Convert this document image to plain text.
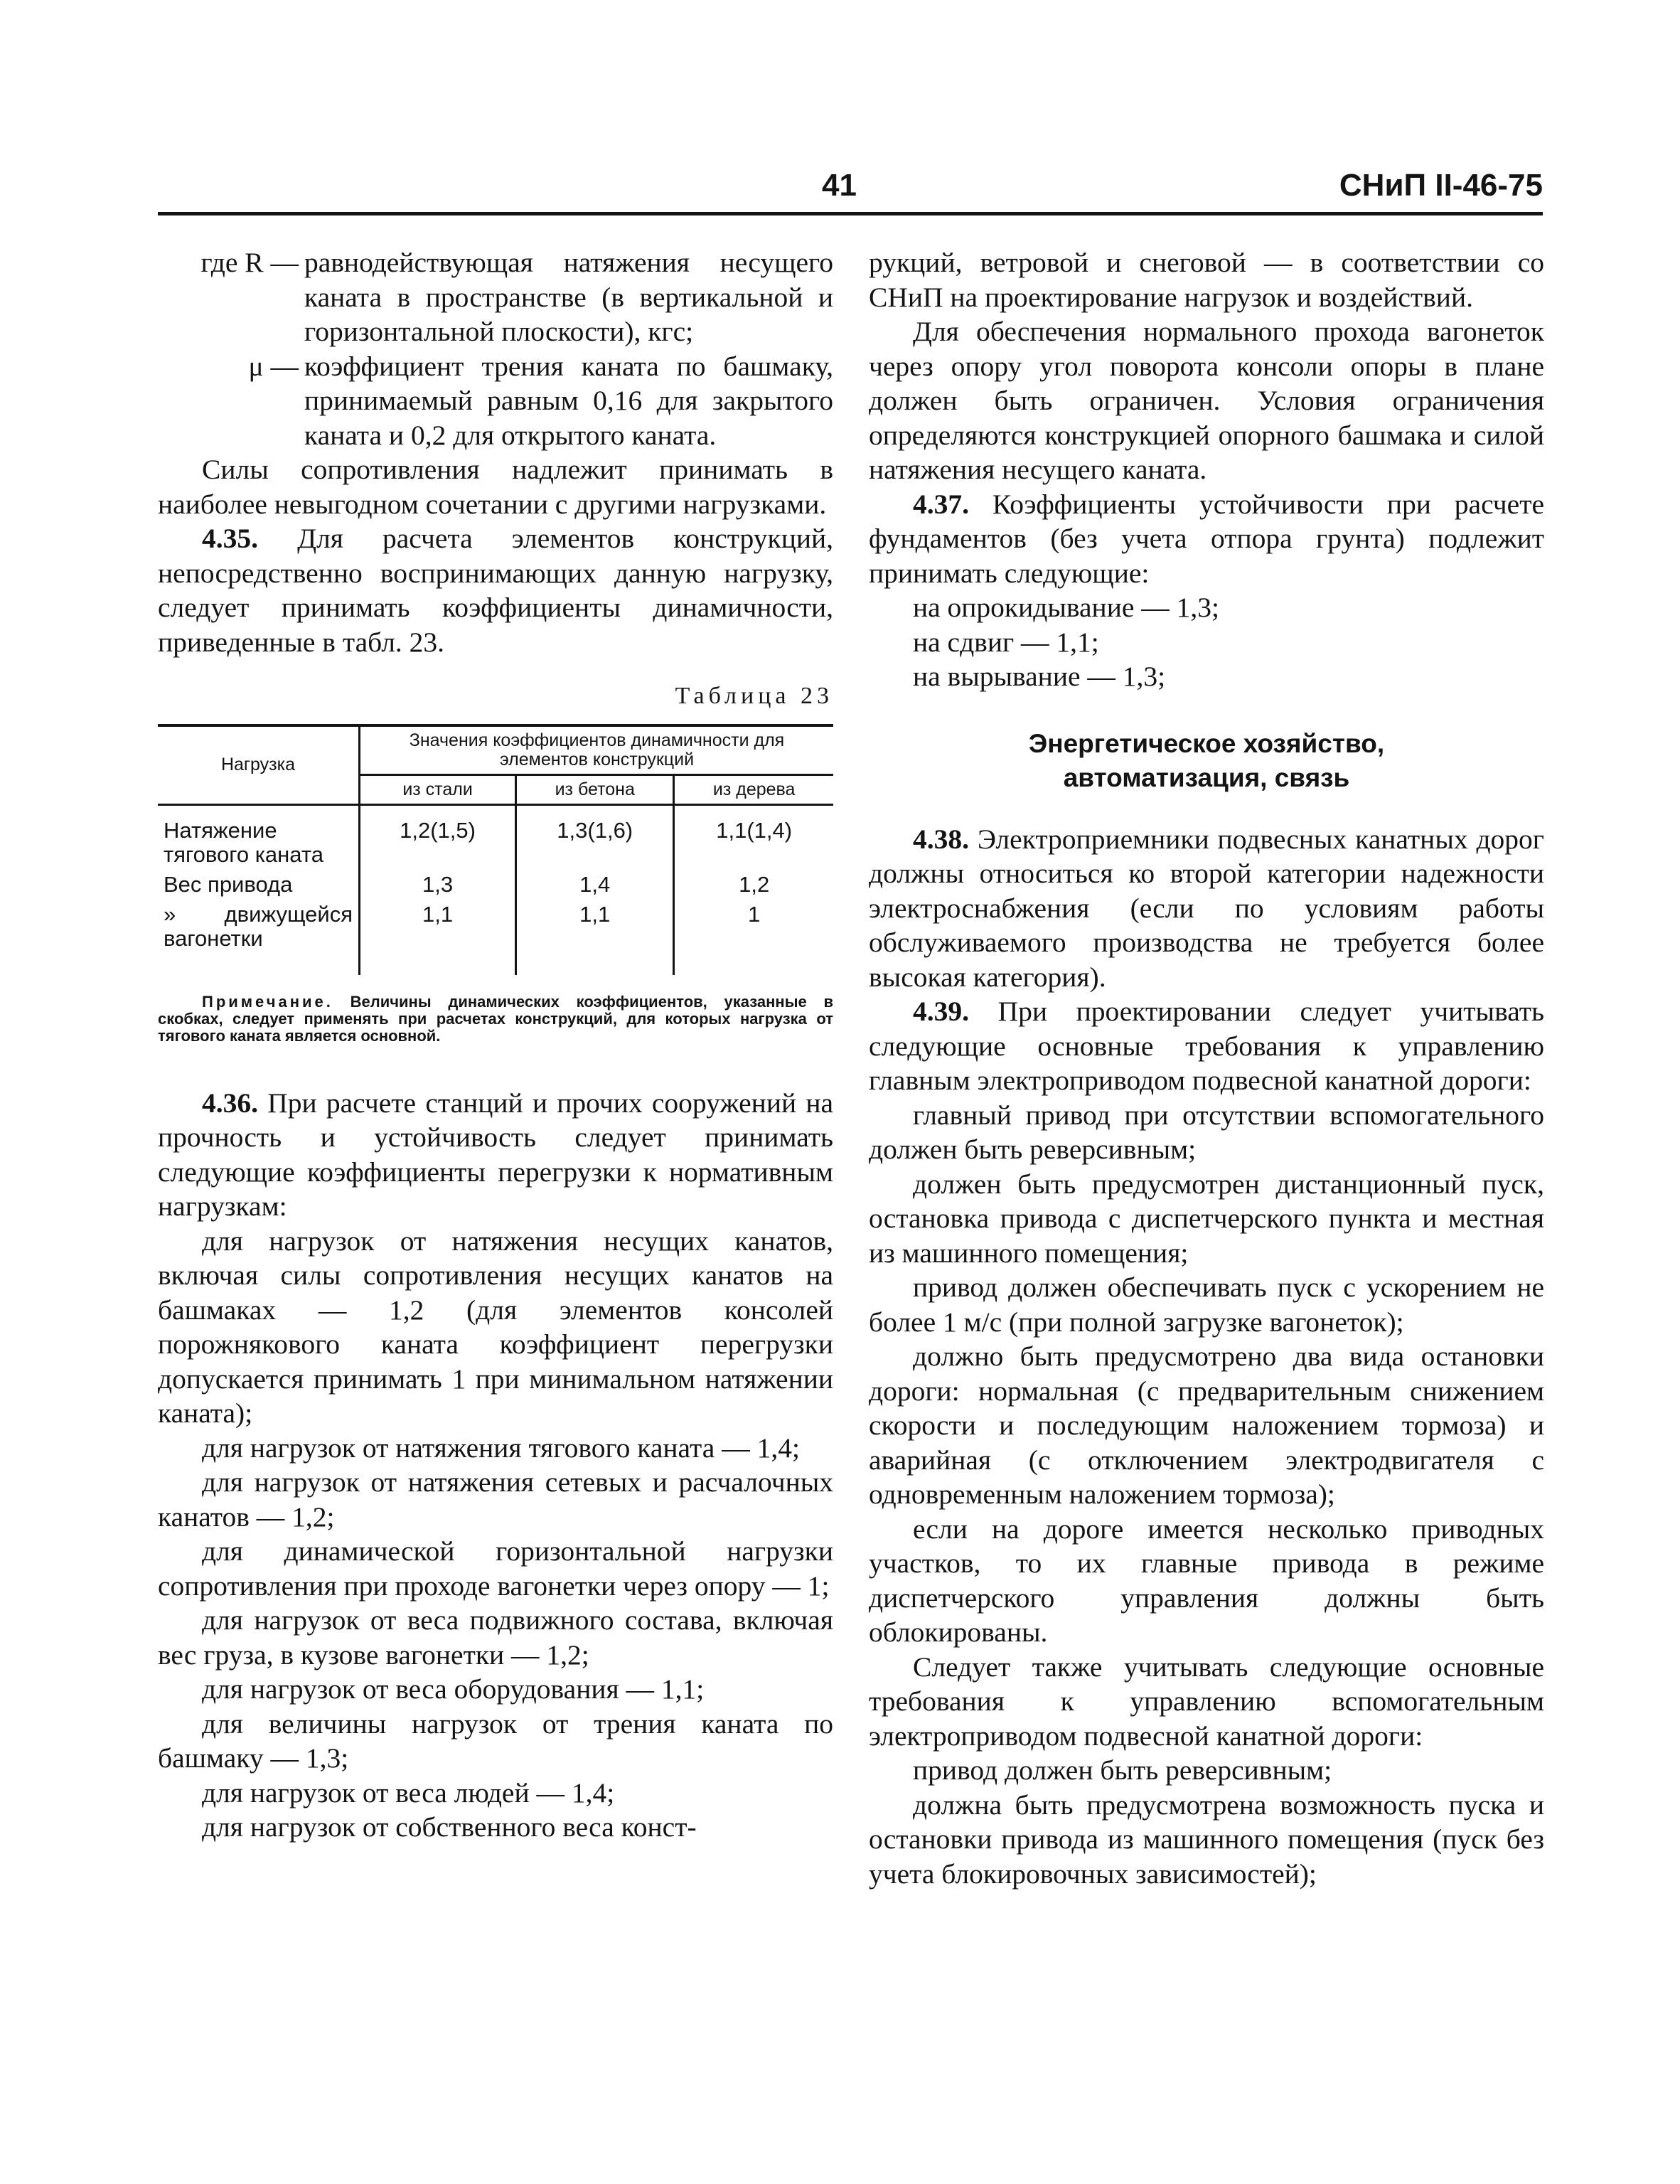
41	СНиП II-46-75
где R — равнодействующая натяжения несущего каната в пространстве (в вертикальной и горизонтальной плоскости), кгс;
μ — коэффициент трения каната по башмаку, принимаемый равным 0,16 для закрытого каната и 0,2 для открытого каната.

Силы сопротивления надлежит принимать в наиболее невыгодном сочетании с другими нагрузками.

4.35. Для расчета элементов конструкций, непосредственно воспринимающих данную нагрузку, следует принимать коэффициенты динамичности, приведенные в табл. 23.

Таблица 23
Нагрузка	Значения коэффициентов динамичности для элементов конструкций		
	из стали	из бетона	из дерева
Натяжение тягового каната	1,2(1,5)	1,3(1,6)	1,1(1,4)
Вес привода	1,3	1,4	1,2
» движущейся вагонетки	1,1	1,1	1

Примечание. Величины динамических коэффициентов, указанные в скобках, следует применять при расчетах конструкций, для которых нагрузка от тягового каната является основной.

4.36. При расчете станций и прочих сооружений на прочность и устойчивость следует принимать следующие коэффициенты перегрузки к нормативным нагрузкам:

для нагрузок от натяжения несущих канатов, включая силы сопротивления несущих канатов на башмаках — 1,2 (для элементов консолей порожнякового каната коэффициент перегрузки допускается принимать 1 при минимальном натяжении каната);

для нагрузок от натяжения тягового каната — 1,4;

для нагрузок от натяжения сетевых и расчалочных канатов — 1,2;

для динамической горизонтальной нагрузки сопротивления при проходе вагонетки через опору — 1;

для нагрузок от веса подвижного состава, включая вес груза, в кузове вагонетки — 1,2;

для нагрузок от веса оборудования — 1,1;

для величины нагрузок от трения каната по башмаку — 1,3;

для нагрузок от веса людей — 1,4;

для нагрузок от собственного веса конст-

рукций, ветровой и снеговой — в соответствии со СНиП на проектирование нагрузок и воздействий.

Для обеспечения нормального прохода вагонеток через опору угол поворота консоли опоры в плане должен быть ограничен. Условия ограничения определяются конструкцией опорного башмака и силой натяжения несущего каната.

4.37. Коэффициенты устойчивости при расчете фундаментов (без учета отпора грунта) подлежит принимать следующие:

на опрокидывание — 1,3;

на сдвиг — 1,1;

на вырывание — 1,3;

Энергетическое хозяйство,
автоматизация, связь

4.38. Электроприемники подвесных канатных дорог должны относиться ко второй категории надежности электроснабжения (если по условиям работы обслуживаемого производства не требуется более высокая категория).

4.39. При проектировании следует учитывать следующие основные требования к управлению главным электроприводом подвесной канатной дороги:

главный привод при отсутствии вспомогательного должен быть реверсивным;

должен быть предусмотрен дистанционный пуск, остановка привода с диспетчерского пункта и местная из машинного помещения;

привод должен обеспечивать пуск с ускорением не более 1 м/с (при полной загрузке вагонеток);

должно быть предусмотрено два вида остановки дороги: нормальная (с предварительным снижением скорости и последующим наложением тормоза) и аварийная (с отключением электродвигателя с одновременным наложением тормоза);

если на дороге имеется несколько приводных участков, то их главные привода в режиме диспетчерского управления должны быть облокированы.

Следует также учитывать следующие основные требования к управлению вспомогательным электроприводом подвесной канатной дороги:

привод должен быть реверсивным;

должна быть предусмотрена возможность пуска и остановки привода из машинного помещения (пуск без учета блокировочных зависимостей);
